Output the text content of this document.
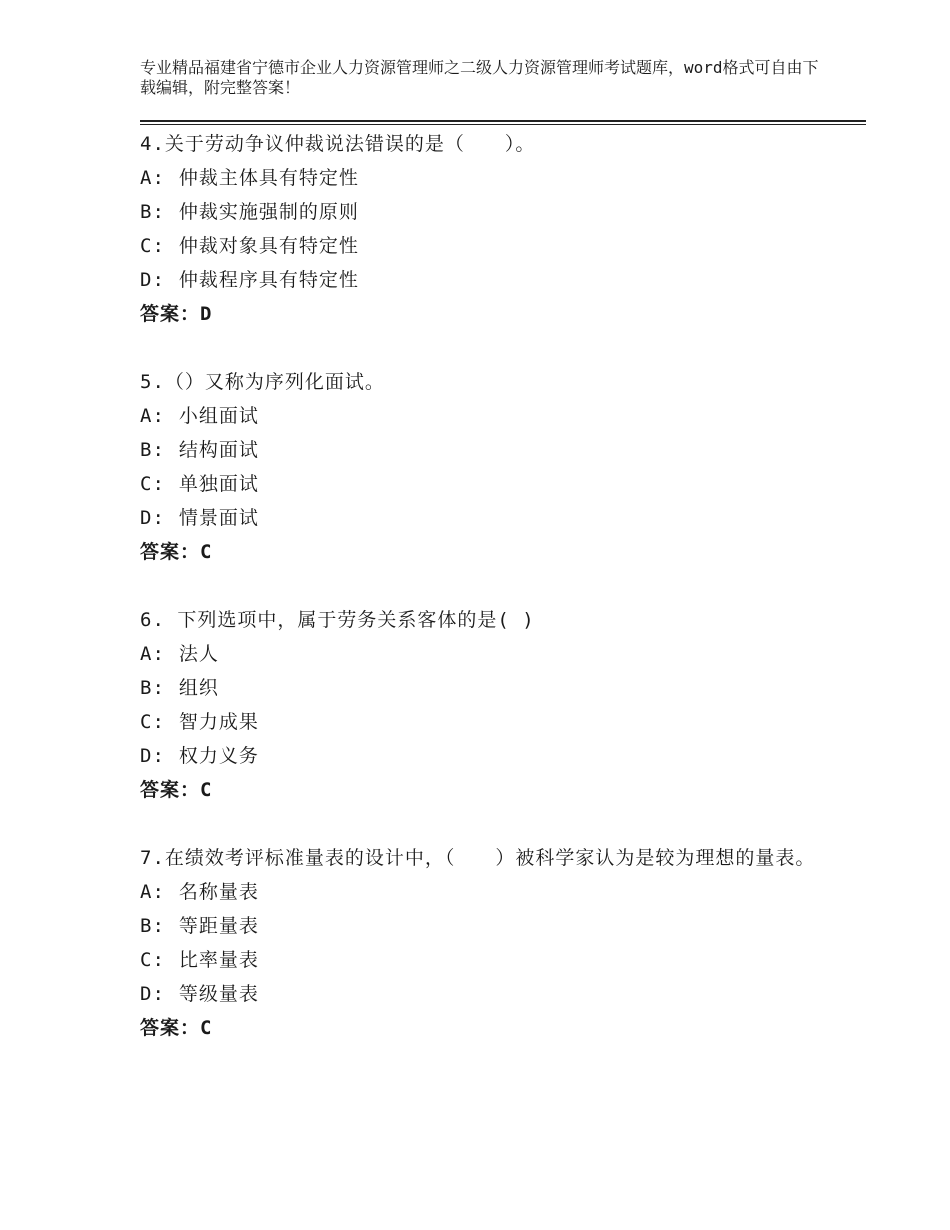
专业精品福建省宁德市企业人力资源管理师之二级人力资源管理师考试题库，word格式可自由下载编辑，附完整答案！

4.关于劳动争议仲裁说法错误的是（　　）。

A: 仲裁主体具有特定性
B: 仲裁实施强制的原则
C: 仲裁对象具有特定性
D: 仲裁程序具有特定性
答案：D

5.（）又称为序列化面试。

A: 小组面试
B: 结构面试
C: 单独面试
D: 情景面试
答案：C

6. 下列选项中，属于劳务关系客体的是( )

A: 法人
B: 组织
C: 智力成果
D: 权力义务
答案：C

7.在绩效考评标准量表的设计中，（　　）被科学家认为是较为理想的量表。

A: 名称量表
B: 等距量表
C: 比率量表
D: 等级量表
答案：C
